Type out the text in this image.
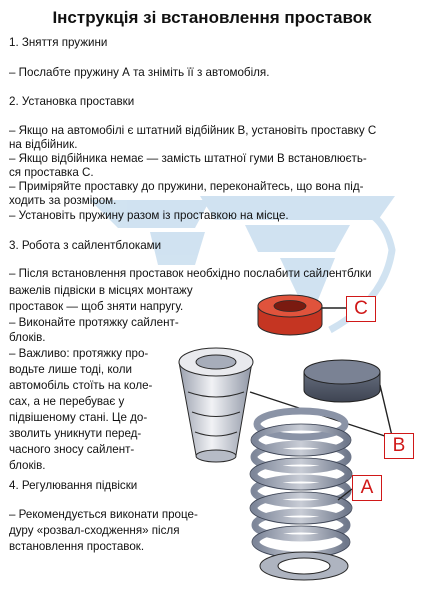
C
B
A
Інструкція зі встановлення проставок
1. Зняття пружини
– Послабте пружину А та зніміть її з автомобіля.
2. Установка проставки
– Якщо на автомобілі є штатний відбійник В, установіть проставку С
на відбійник.
– Якщо відбійника немає — замість штатної гуми В встановлюєть-
ся проставка С.
– Приміряйте проставку до пружини, переконайтесь, що вона під-
ходить за розміром.
– Установіть пружину разом із проставкою на місце.
3. Робота з сайлентблоками
– Після встановлення проставок необхідно послабити сайлентблки
важелів підвіски в місцях монтажу
проставок — щоб зняти напругу.
– Виконайте протяжку сайлент-
блоків.
– Важливо: протяжку про-
водьте лише тоді, коли
автомобіль стоїть на коле-
сах, а не перебуває у
підвішеному стані. Це до-
зволить уникнути перед-
часного зносу сайлент-
блоків.
4. Регулювання підвіски
– Рекомендується виконати проце-
дуру «розвал-сходження» після
встановлення проставок.
